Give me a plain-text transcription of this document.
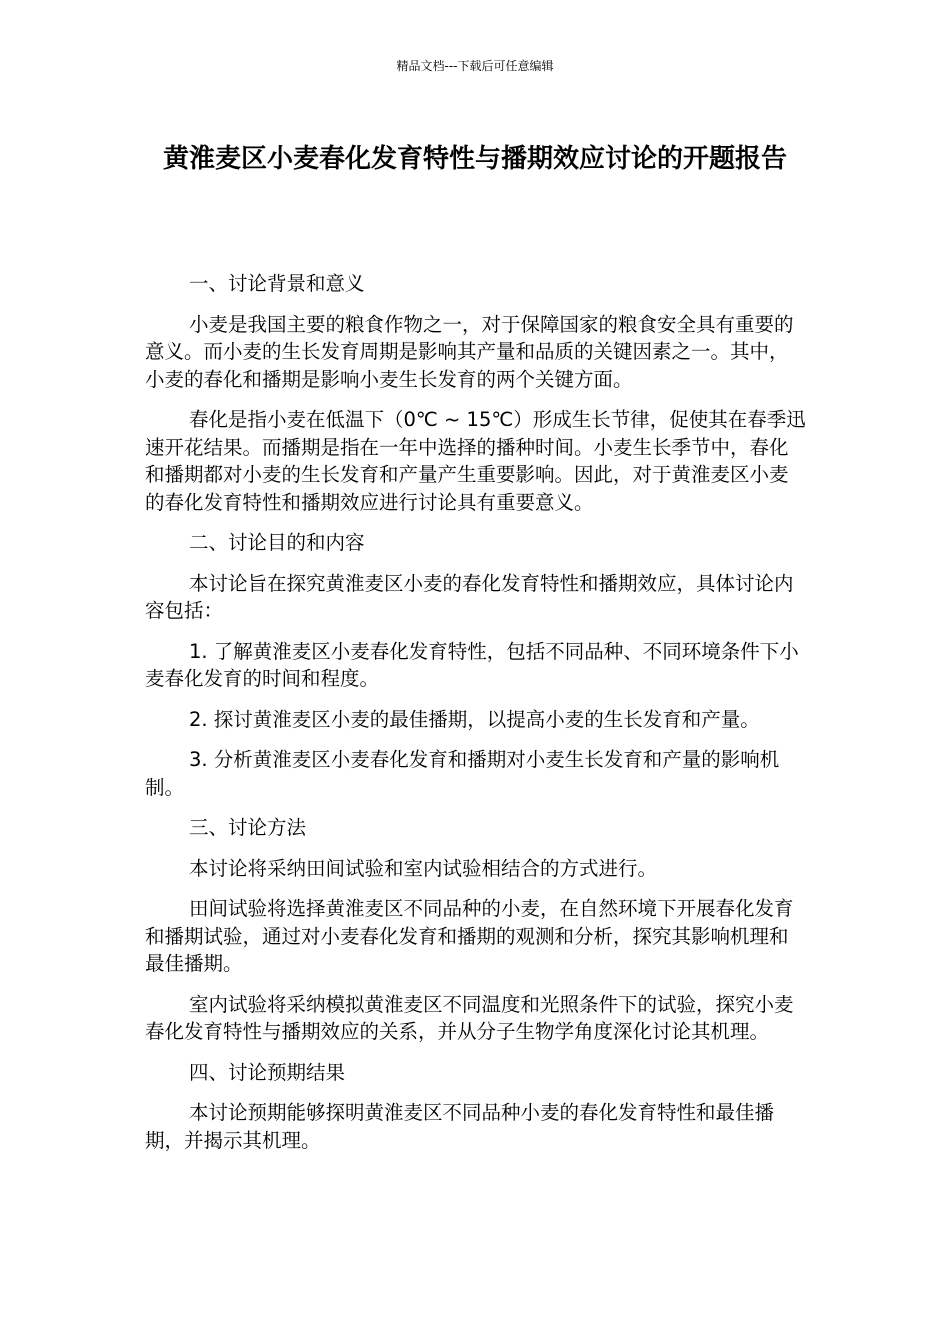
精品文档---下载后可任意编辑
黄淮麦区小麦春化发育特性与播期效应讨论的开题报告

一、讨论背景和意义

小麦是我国主要的粮食作物之一，对于保障国家的粮食安全具有重要的意义。而小麦的生长发育周期是影响其产量和品质的关键因素之一。其中，小麦的春化和播期是影响小麦生长发育的两个关键方面。

春化是指小麦在低温下（0℃ ~ 15℃）形成生长节律，促使其在春季迅速开花结果。而播期是指在一年中选择的播种时间。小麦生长季节中，春化和播期都对小麦的生长发育和产量产生重要影响。因此，对于黄淮麦区小麦的春化发育特性和播期效应进行讨论具有重要意义。

二、讨论目的和内容

本讨论旨在探究黄淮麦区小麦的春化发育特性和播期效应，具体讨论内容包括：

1. 了解黄淮麦区小麦春化发育特性，包括不同品种、不同环境条件下小麦春化发育的时间和程度。

2. 探讨黄淮麦区小麦的最佳播期，以提高小麦的生长发育和产量。

3. 分析黄淮麦区小麦春化发育和播期对小麦生长发育和产量的影响机制。

三、讨论方法

本讨论将采纳田间试验和室内试验相结合的方式进行。

田间试验将选择黄淮麦区不同品种的小麦，在自然环境下开展春化发育和播期试验，通过对小麦春化发育和播期的观测和分析，探究其影响机理和最佳播期。

室内试验将采纳模拟黄淮麦区不同温度和光照条件下的试验，探究小麦春化发育特性与播期效应的关系，并从分子生物学角度深化讨论其机理。

四、讨论预期结果

本讨论预期能够探明黄淮麦区不同品种小麦的春化发育特性和最佳播期，并揭示其机理。
